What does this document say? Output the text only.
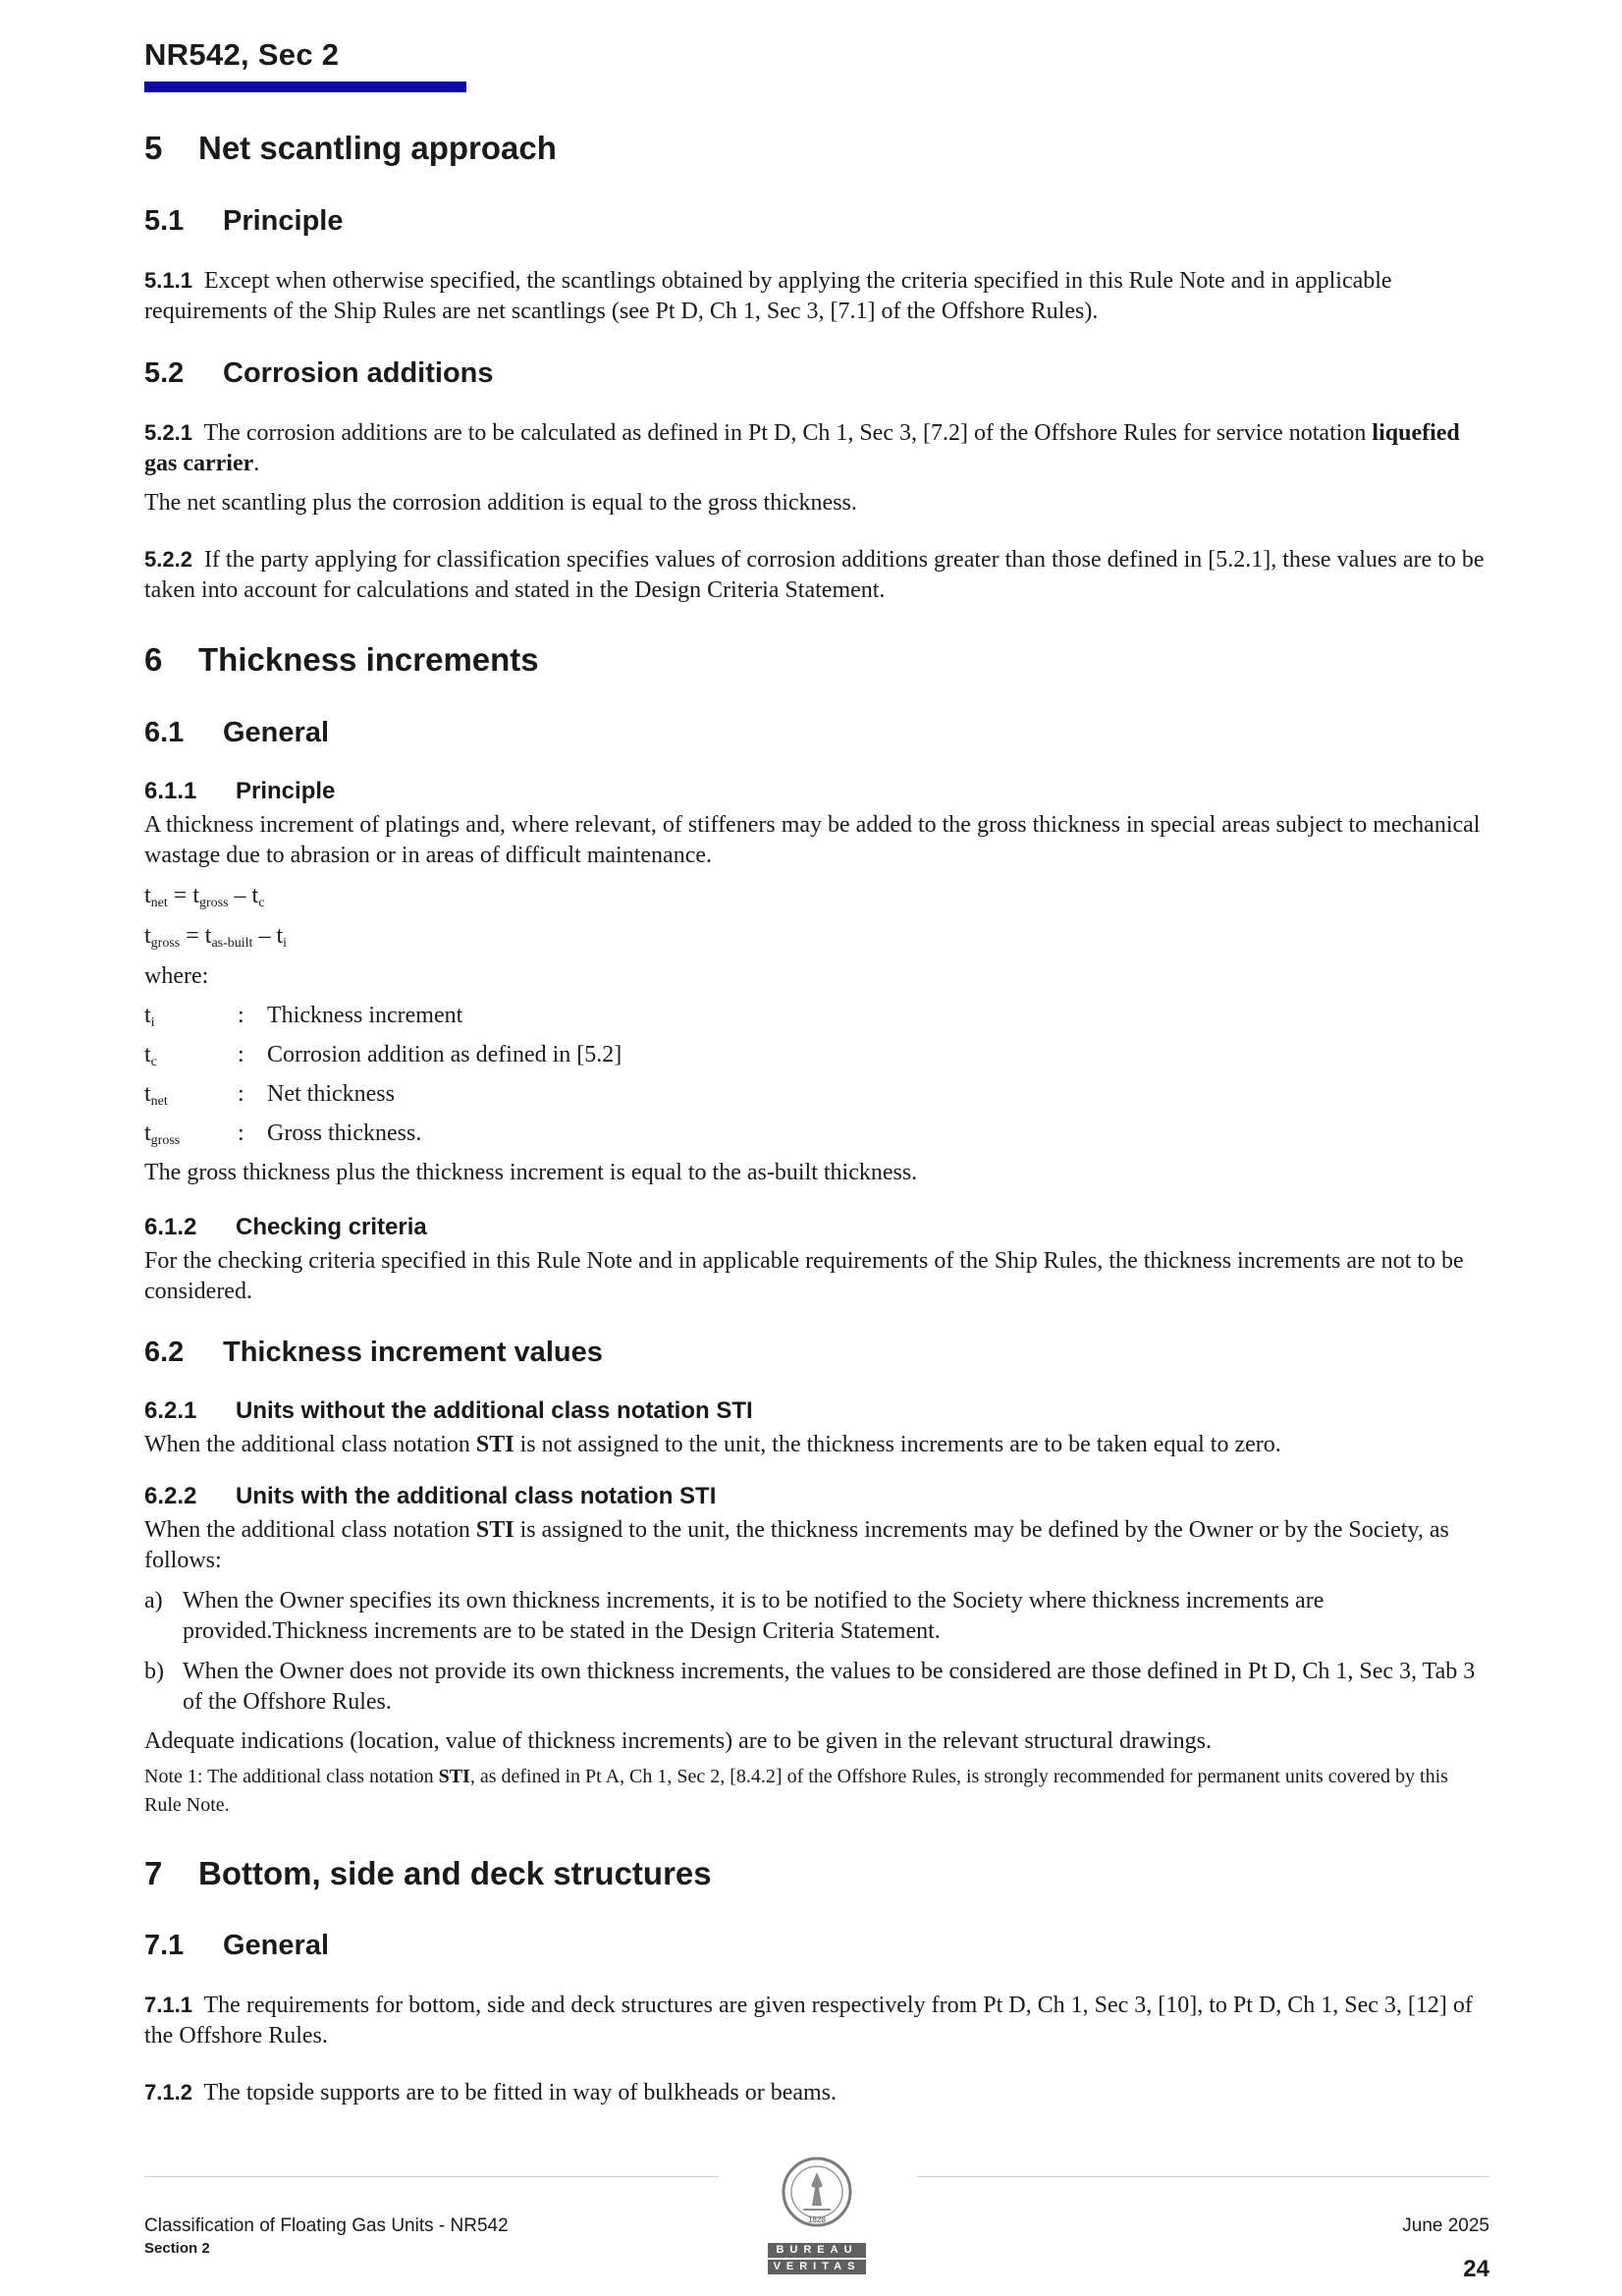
NR542, Sec 2
5 Net scantling approach
5.1 Principle

5.1.1 Except when otherwise specified, the scantlings obtained by applying the criteria specified in this Rule Note and in applicable requirements of the Ship Rules are net scantlings (see Pt D, Ch 1, Sec 3, [7.1] of the Offshore Rules).

5.2 Corrosion additions

5.2.1 The corrosion additions are to be calculated as defined in Pt D, Ch 1, Sec 3, [7.2] of the Offshore Rules for service notation liquefied gas carrier.

The net scantling plus the corrosion addition is equal to the gross thickness.

5.2.2 If the party applying for classification specifies values of corrosion additions greater than those defined in [5.2.1], these values are to be taken into account for calculations and stated in the Design Criteria Statement.

6 Thickness increments
6.1 General
6.1.1 Principle

A thickness increment of platings and, where relevant, of stiffeners may be added to the gross thickness in special areas subject to mechanical wastage due to abrasion or in areas of difficult maintenance.

$t_{net} = t_{gross} - t_c$

$t_{gross} = t_{as-built} - t_i$

where:

$t_i$	: Thickness increment
$t_c$	: Corrosion addition as defined in [5.2]
$t_{net}$	: Net thickness
$t_{gross}$	: Gross thickness.

The gross thickness plus the thickness increment is equal to the as-built thickness.

6.1.2 Checking criteria

For the checking criteria specified in this Rule Note and in applicable requirements of the Ship Rules, the thickness increments are not to be considered.

6.2 Thickness increment values
6.2.1 Units without the additional class notation STI

When the additional class notation STI is not assigned to the unit, the thickness increments are to be taken equal to zero.

6.2.2 Units with the additional class notation STI

When the additional class notation STI is assigned to the unit, the thickness increments may be defined by the Owner or by the Society, as follows:

a) When the Owner specifies its own thickness increments, it is to be notified to the Society where thickness increments are provided.Thickness increments are to be stated in the Design Criteria Statement.
b) When the Owner does not provide its own thickness increments, the values to be considered are those defined in Pt D, Ch 1, Sec 3, Tab 3 of the Offshore Rules.

Adequate indications (location, value of thickness increments) are to be given in the relevant structural drawings.

Note 1: The additional class notation STI, as defined in Pt A, Ch 1, Sec 2, [8.4.2] of the Offshore Rules, is strongly recommended for permanent units covered by this Rule Note.

7 Bottom, side and deck structures
7.1 General

7.1.1 The requirements for bottom, side and deck structures are given respectively from Pt D, Ch 1, Sec 3, [10], to Pt D, Ch 1, Sec 3, [12] of the Offshore Rules.

7.1.2 The topside supports are to be fitted in way of bulkheads or beams.

1828
BUREAU
VERITAS
Classification of Floating Gas Units - NR542
Section 2
June 2025
24
